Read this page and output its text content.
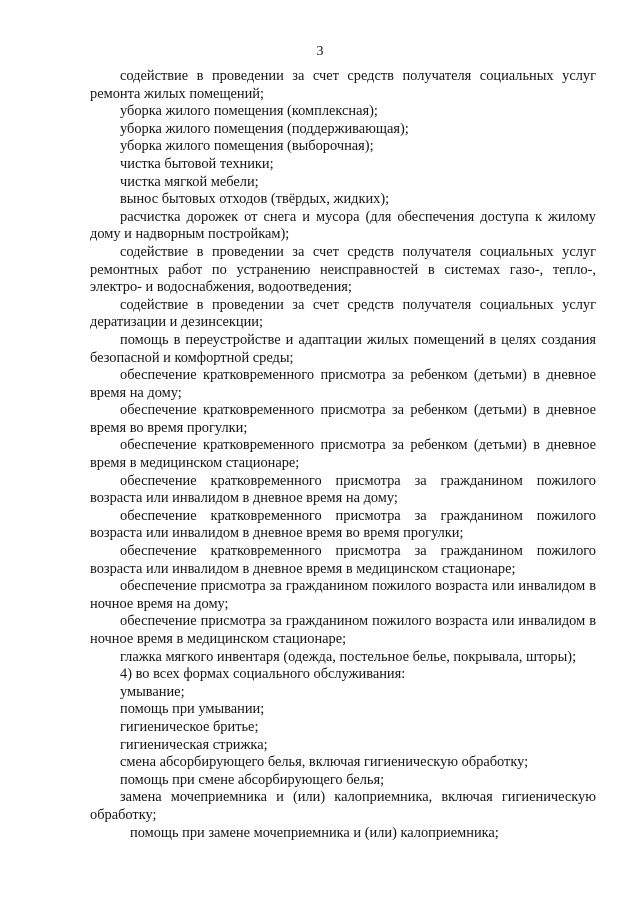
3

содействие в проведении за счет средств получателя социальных услуг ремонта жилых помещений;

уборка жилого помещения (комплексная);

уборка жилого помещения (поддерживающая);

уборка жилого помещения (выборочная);

чистка бытовой техники;

чистка мягкой мебели;

вынос бытовых отходов (твёрдых, жидких);

расчистка дорожек от снега и мусора (для обеспечения доступа к жилому дому и надворным постройкам);

содействие в проведении за счет средств получателя социальных услуг ремонтных работ по устранению неисправностей в системах газо-, тепло-, электро- и водоснабжения, водоотведения;

содействие в проведении за счет средств получателя социальных услуг дератизации и дезинсекции;

помощь в переустройстве и адаптации жилых помещений в целях создания безопасной и комфортной среды;

обеспечение кратковременного присмотра за ребенком (детьми) в дневное время на дому;

обеспечение кратковременного присмотра за ребенком (детьми) в дневное время во время прогулки;

обеспечение кратковременного присмотра за ребенком (детьми) в дневное время в медицинском стационаре;

обеспечение кратковременного присмотра за гражданином пожилого возраста или инвалидом в дневное время на дому;

обеспечение кратковременного присмотра за гражданином пожилого возраста или инвалидом в дневное время во время прогулки;

обеспечение кратковременного присмотра за гражданином пожилого возраста или инвалидом в дневное время в медицинском стационаре;

обеспечение присмотра за гражданином пожилого возраста или инвалидом в ночное время на дому;

обеспечение присмотра за гражданином пожилого возраста или инвалидом в ночное время в медицинском стационаре;

глажка мягкого инвентаря (одежда, постельное белье, покрывала, шторы);

4) во всех формах социального обслуживания:

умывание;

помощь при умывании;

гигиеническое бритье;

гигиеническая стрижка;

смена абсорбирующего белья, включая гигиеническую обработку;

помощь при смене абсорбирующего белья;

замена мочеприемника и (или) калоприемника, включая гигиеническую обработку;

помощь при замене мочеприемника и (или) калоприемника;
